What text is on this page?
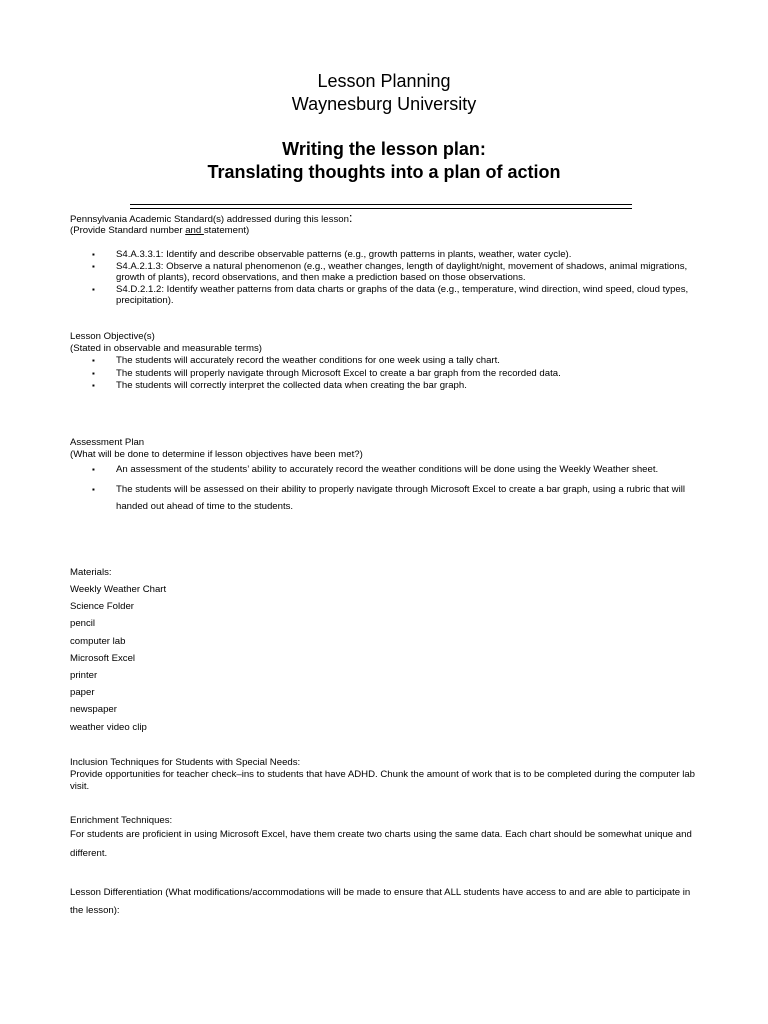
Lesson Planning
Waynesburg University
Writing the lesson plan:
Translating thoughts into a plan of action

Pennsylvania Academic Standard(s) addressed during this lesson:

(Provide Standard number and statement)

▪ S4.A.3.3.1: Identify and describe observable patterns (e.g., growth patterns in plants, weather, water cycle).
▪ S4.A.2.1.3: Observe a natural phenomenon (e.g., weather changes, length of daylight/night, movement of shadows, animal migrations, growth of plants), record observations, and then make a prediction based on those observations.
▪ S4.D.2.1.2: Identify weather patterns from data charts or graphs of the data (e.g., temperature, wind direction, wind speed, cloud types, precipitation).

Lesson Objective(s)

(Stated in observable and measurable terms)

▪ The students will accurately record the weather conditions for one week using a tally chart.
▪ The students will properly navigate through Microsoft Excel to create a bar graph from the recorded data.
▪ The students will correctly interpret the collected data when creating the bar graph.

Assessment Plan

(What will be done to determine if lesson objectives have been met?)

▪ An assessment of the students’ ability to accurately record the weather conditions will be done using the Weekly Weather sheet.
▪ The students will be assessed on their ability to properly navigate through Microsoft Excel to create a bar graph, using a rubric that will handed out ahead of time to the students.

Materials:

Weekly Weather Chart
Science Folder
pencil
computer lab
Microsoft Excel
printer
paper
newspaper
weather video clip

Inclusion Techniques for Students with Special Needs:

Provide opportunities for teacher check–ins to students that have ADHD. Chunk the amount of work that is to be completed during the computer lab visit.

Enrichment Techniques:

For students are proficient in using Microsoft Excel, have them create two charts using the same data. Each chart should be somewhat unique and different.

Lesson Differentiation (What modifications/accommodations will be made to ensure that ALL students have access to and are able to participate in the lesson):
